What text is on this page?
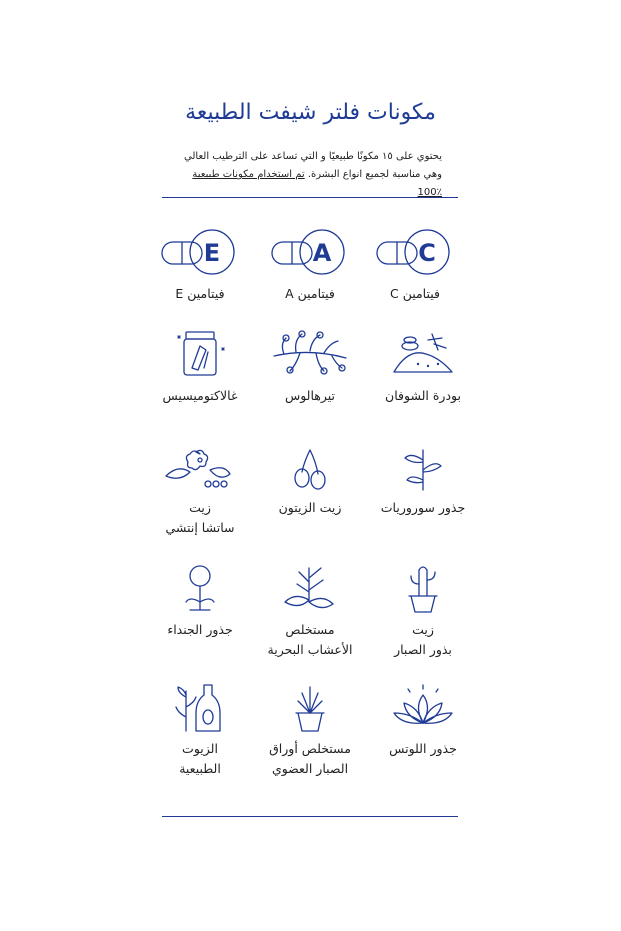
مكونات فلتر شيفت الطبيعة
يحتوي على ١٥ مكونًا طبيعيًا و التي تساعد على الترطيب العالي وهي مناسبة لجميع انواع البشرة. تم استخدام مكونات طبيعية ٪100
C
فيتامين C
A
فيتامين A
E
فيتامين E
بودرة الشوفان
تيرهالوس
غالاكتوميسيس
جذور سوروريات
زيت الزيتون
زيت
ساتشا إنتشي
زيت
بذور الصبار
مستخلص
الأعشاب البحرية
جذور الجنداء
جذور اللوتس
مستخلص أوراق
الصبار العضوي
الزيوت
الطبيعية
